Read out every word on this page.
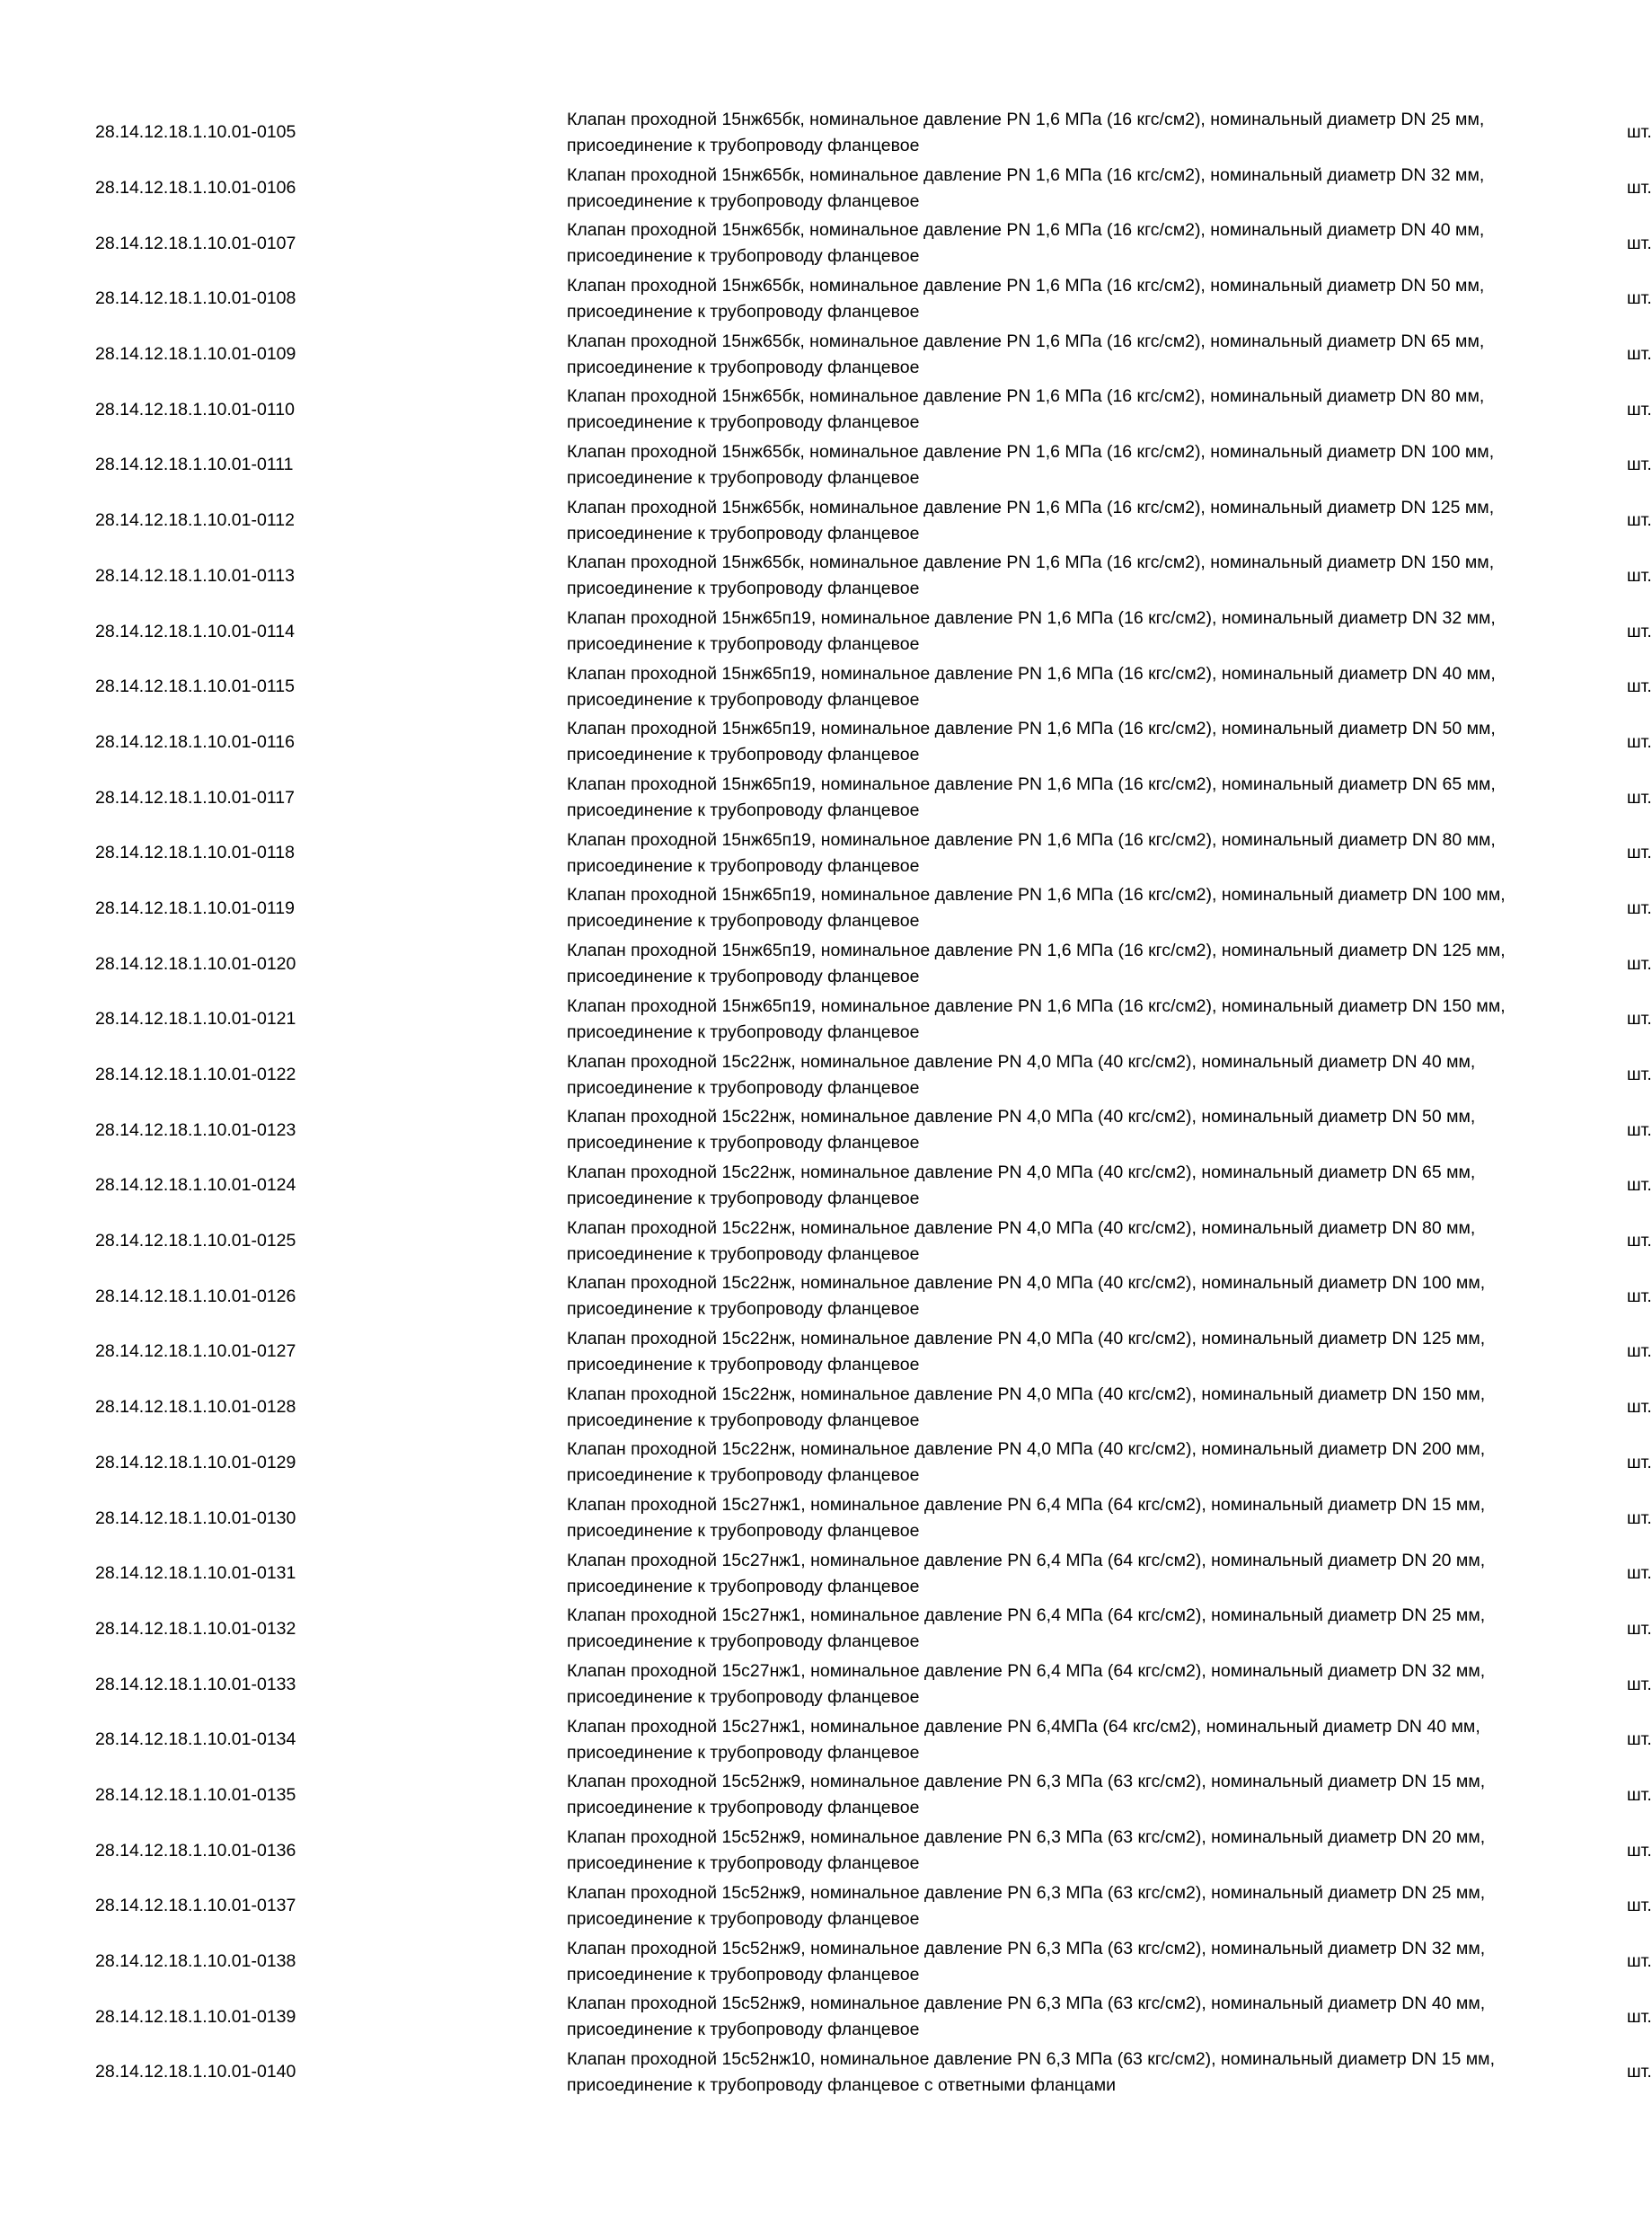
28.14.12.18.1.10.01-0105	Клапан проходной 15нж65бк, номинальное давление PN 1,6 МПа (16 кгс/см2), номинальный диаметр DN 25 мм, присоединение к трубопроводу фланцевое	шт.
28.14.12.18.1.10.01-0106	Клапан проходной 15нж65бк, номинальное давление PN 1,6 МПа (16 кгс/см2), номинальный диаметр DN 32 мм, присоединение к трубопроводу фланцевое	шт.
28.14.12.18.1.10.01-0107	Клапан проходной 15нж65бк, номинальное давление PN 1,6 МПа (16 кгс/см2), номинальный диаметр DN 40 мм, присоединение к трубопроводу фланцевое	шт.
28.14.12.18.1.10.01-0108	Клапан проходной 15нж65бк, номинальное давление PN 1,6 МПа (16 кгс/см2), номинальный диаметр DN 50 мм, присоединение к трубопроводу фланцевое	шт.
28.14.12.18.1.10.01-0109	Клапан проходной 15нж65бк, номинальное давление PN 1,6 МПа (16 кгс/см2), номинальный диаметр DN 65 мм, присоединение к трубопроводу фланцевое	шт.
28.14.12.18.1.10.01-0110	Клапан проходной 15нж65бк, номинальное давление PN 1,6 МПа (16 кгс/см2), номинальный диаметр DN 80 мм, присоединение к трубопроводу фланцевое	шт.
28.14.12.18.1.10.01-0111	Клапан проходной 15нж65бк, номинальное давление PN 1,6 МПа (16 кгс/см2), номинальный диаметр DN 100 мм, присоединение к трубопроводу фланцевое	шт.
28.14.12.18.1.10.01-0112	Клапан проходной 15нж65бк, номинальное давление PN 1,6 МПа (16 кгс/см2), номинальный диаметр DN 125 мм, присоединение к трубопроводу фланцевое	шт.
28.14.12.18.1.10.01-0113	Клапан проходной 15нж65бк, номинальное давление PN 1,6 МПа (16 кгс/см2), номинальный диаметр DN 150 мм, присоединение к трубопроводу фланцевое	шт.
28.14.12.18.1.10.01-0114	Клапан проходной 15нж65п19, номинальное давление PN 1,6 МПа (16 кгс/см2), номинальный диаметр DN 32 мм, присоединение к трубопроводу фланцевое	шт.
28.14.12.18.1.10.01-0115	Клапан проходной 15нж65п19, номинальное давление PN 1,6 МПа (16 кгс/см2), номинальный диаметр DN 40 мм, присоединение к трубопроводу фланцевое	шт.
28.14.12.18.1.10.01-0116	Клапан проходной 15нж65п19, номинальное давление PN 1,6 МПа (16 кгс/см2), номинальный диаметр DN 50 мм, присоединение к трубопроводу фланцевое	шт.
28.14.12.18.1.10.01-0117	Клапан проходной 15нж65п19, номинальное давление PN 1,6 МПа (16 кгс/см2), номинальный диаметр DN 65 мм, присоединение к трубопроводу фланцевое	шт.
28.14.12.18.1.10.01-0118	Клапан проходной 15нж65п19, номинальное давление PN 1,6 МПа (16 кгс/см2), номинальный диаметр DN 80 мм, присоединение к трубопроводу фланцевое	шт.
28.14.12.18.1.10.01-0119	Клапан проходной 15нж65п19, номинальное давление PN 1,6 МПа (16 кгс/см2), номинальный диаметр DN 100 мм, присоединение к трубопроводу фланцевое	шт.
28.14.12.18.1.10.01-0120	Клапан проходной 15нж65п19, номинальное давление PN 1,6 МПа (16 кгс/см2), номинальный диаметр DN 125 мм, присоединение к трубопроводу фланцевое	шт.
28.14.12.18.1.10.01-0121	Клапан проходной 15нж65п19, номинальное давление PN 1,6 МПа (16 кгс/см2), номинальный диаметр DN 150 мм, присоединение к трубопроводу фланцевое	шт.
28.14.12.18.1.10.01-0122	Клапан проходной 15с22нж, номинальное давление PN 4,0 МПа (40 кгс/см2), номинальный диаметр DN 40 мм, присоединение к трубопроводу фланцевое	шт.
28.14.12.18.1.10.01-0123	Клапан проходной 15с22нж, номинальное давление PN 4,0 МПа (40 кгс/см2), номинальный диаметр DN 50 мм, присоединение к трубопроводу фланцевое	шт.
28.14.12.18.1.10.01-0124	Клапан проходной 15с22нж, номинальное давление PN 4,0 МПа (40 кгс/см2), номинальный диаметр DN 65 мм, присоединение к трубопроводу фланцевое	шт.
28.14.12.18.1.10.01-0125	Клапан проходной 15с22нж, номинальное давление PN 4,0 МПа (40 кгс/см2), номинальный диаметр DN 80 мм, присоединение к трубопроводу фланцевое	шт.
28.14.12.18.1.10.01-0126	Клапан проходной 15с22нж, номинальное давление PN 4,0 МПа (40 кгс/см2), номинальный диаметр DN 100 мм, присоединение к трубопроводу фланцевое	шт.
28.14.12.18.1.10.01-0127	Клапан проходной 15с22нж, номинальное давление PN 4,0 МПа (40 кгс/см2), номинальный диаметр DN 125 мм, присоединение к трубопроводу фланцевое	шт.
28.14.12.18.1.10.01-0128	Клапан проходной 15с22нж, номинальное давление PN 4,0 МПа (40 кгс/см2), номинальный диаметр DN 150 мм, присоединение к трубопроводу фланцевое	шт.
28.14.12.18.1.10.01-0129	Клапан проходной 15с22нж, номинальное давление PN 4,0 МПа (40 кгс/см2), номинальный диаметр DN 200 мм, присоединение к трубопроводу фланцевое	шт.
28.14.12.18.1.10.01-0130	Клапан проходной 15с27нж1, номинальное давление PN 6,4 МПа (64 кгс/см2), номинальный диаметр DN 15 мм, присоединение к трубопроводу фланцевое	шт.
28.14.12.18.1.10.01-0131	Клапан проходной 15с27нж1, номинальное давление PN 6,4 МПа (64 кгс/см2), номинальный диаметр DN 20 мм, присоединение к трубопроводу фланцевое	шт.
28.14.12.18.1.10.01-0132	Клапан проходной 15с27нж1, номинальное давление PN 6,4 МПа (64 кгс/см2), номинальный диаметр DN 25 мм, присоединение к трубопроводу фланцевое	шт.
28.14.12.18.1.10.01-0133	Клапан проходной 15с27нж1, номинальное давление PN 6,4 МПа (64 кгс/см2), номинальный диаметр DN 32 мм, присоединение к трубопроводу фланцевое	шт.
28.14.12.18.1.10.01-0134	Клапан проходной 15с27нж1, номинальное давление PN 6,4МПа (64 кгс/см2), номинальный диаметр DN 40 мм, присоединение к трубопроводу фланцевое	шт.
28.14.12.18.1.10.01-0135	Клапан проходной 15с52нж9, номинальное давление PN 6,3 МПа (63 кгс/см2), номинальный диаметр DN 15 мм, присоединение к трубопроводу фланцевое	шт.
28.14.12.18.1.10.01-0136	Клапан проходной 15с52нж9, номинальное давление PN 6,3 МПа (63 кгс/см2), номинальный диаметр DN 20 мм, присоединение к трубопроводу фланцевое	шт.
28.14.12.18.1.10.01-0137	Клапан проходной 15с52нж9, номинальное давление PN 6,3 МПа (63 кгс/см2), номинальный диаметр DN 25 мм, присоединение к трубопроводу фланцевое	шт.
28.14.12.18.1.10.01-0138	Клапан проходной 15с52нж9, номинальное давление PN 6,3 МПа (63 кгс/см2), номинальный диаметр DN 32 мм, присоединение к трубопроводу фланцевое	шт.
28.14.12.18.1.10.01-0139	Клапан проходной 15с52нж9, номинальное давление PN 6,3 МПа (63 кгс/см2), номинальный диаметр DN 40 мм, присоединение к трубопроводу фланцевое	шт.
28.14.12.18.1.10.01-0140	Клапан проходной 15с52нж10, номинальное давление PN 6,3 МПа (63 кгс/см2), номинальный диаметр DN 15 мм, присоединение к трубопроводу фланцевое с ответными фланцами	шт.
